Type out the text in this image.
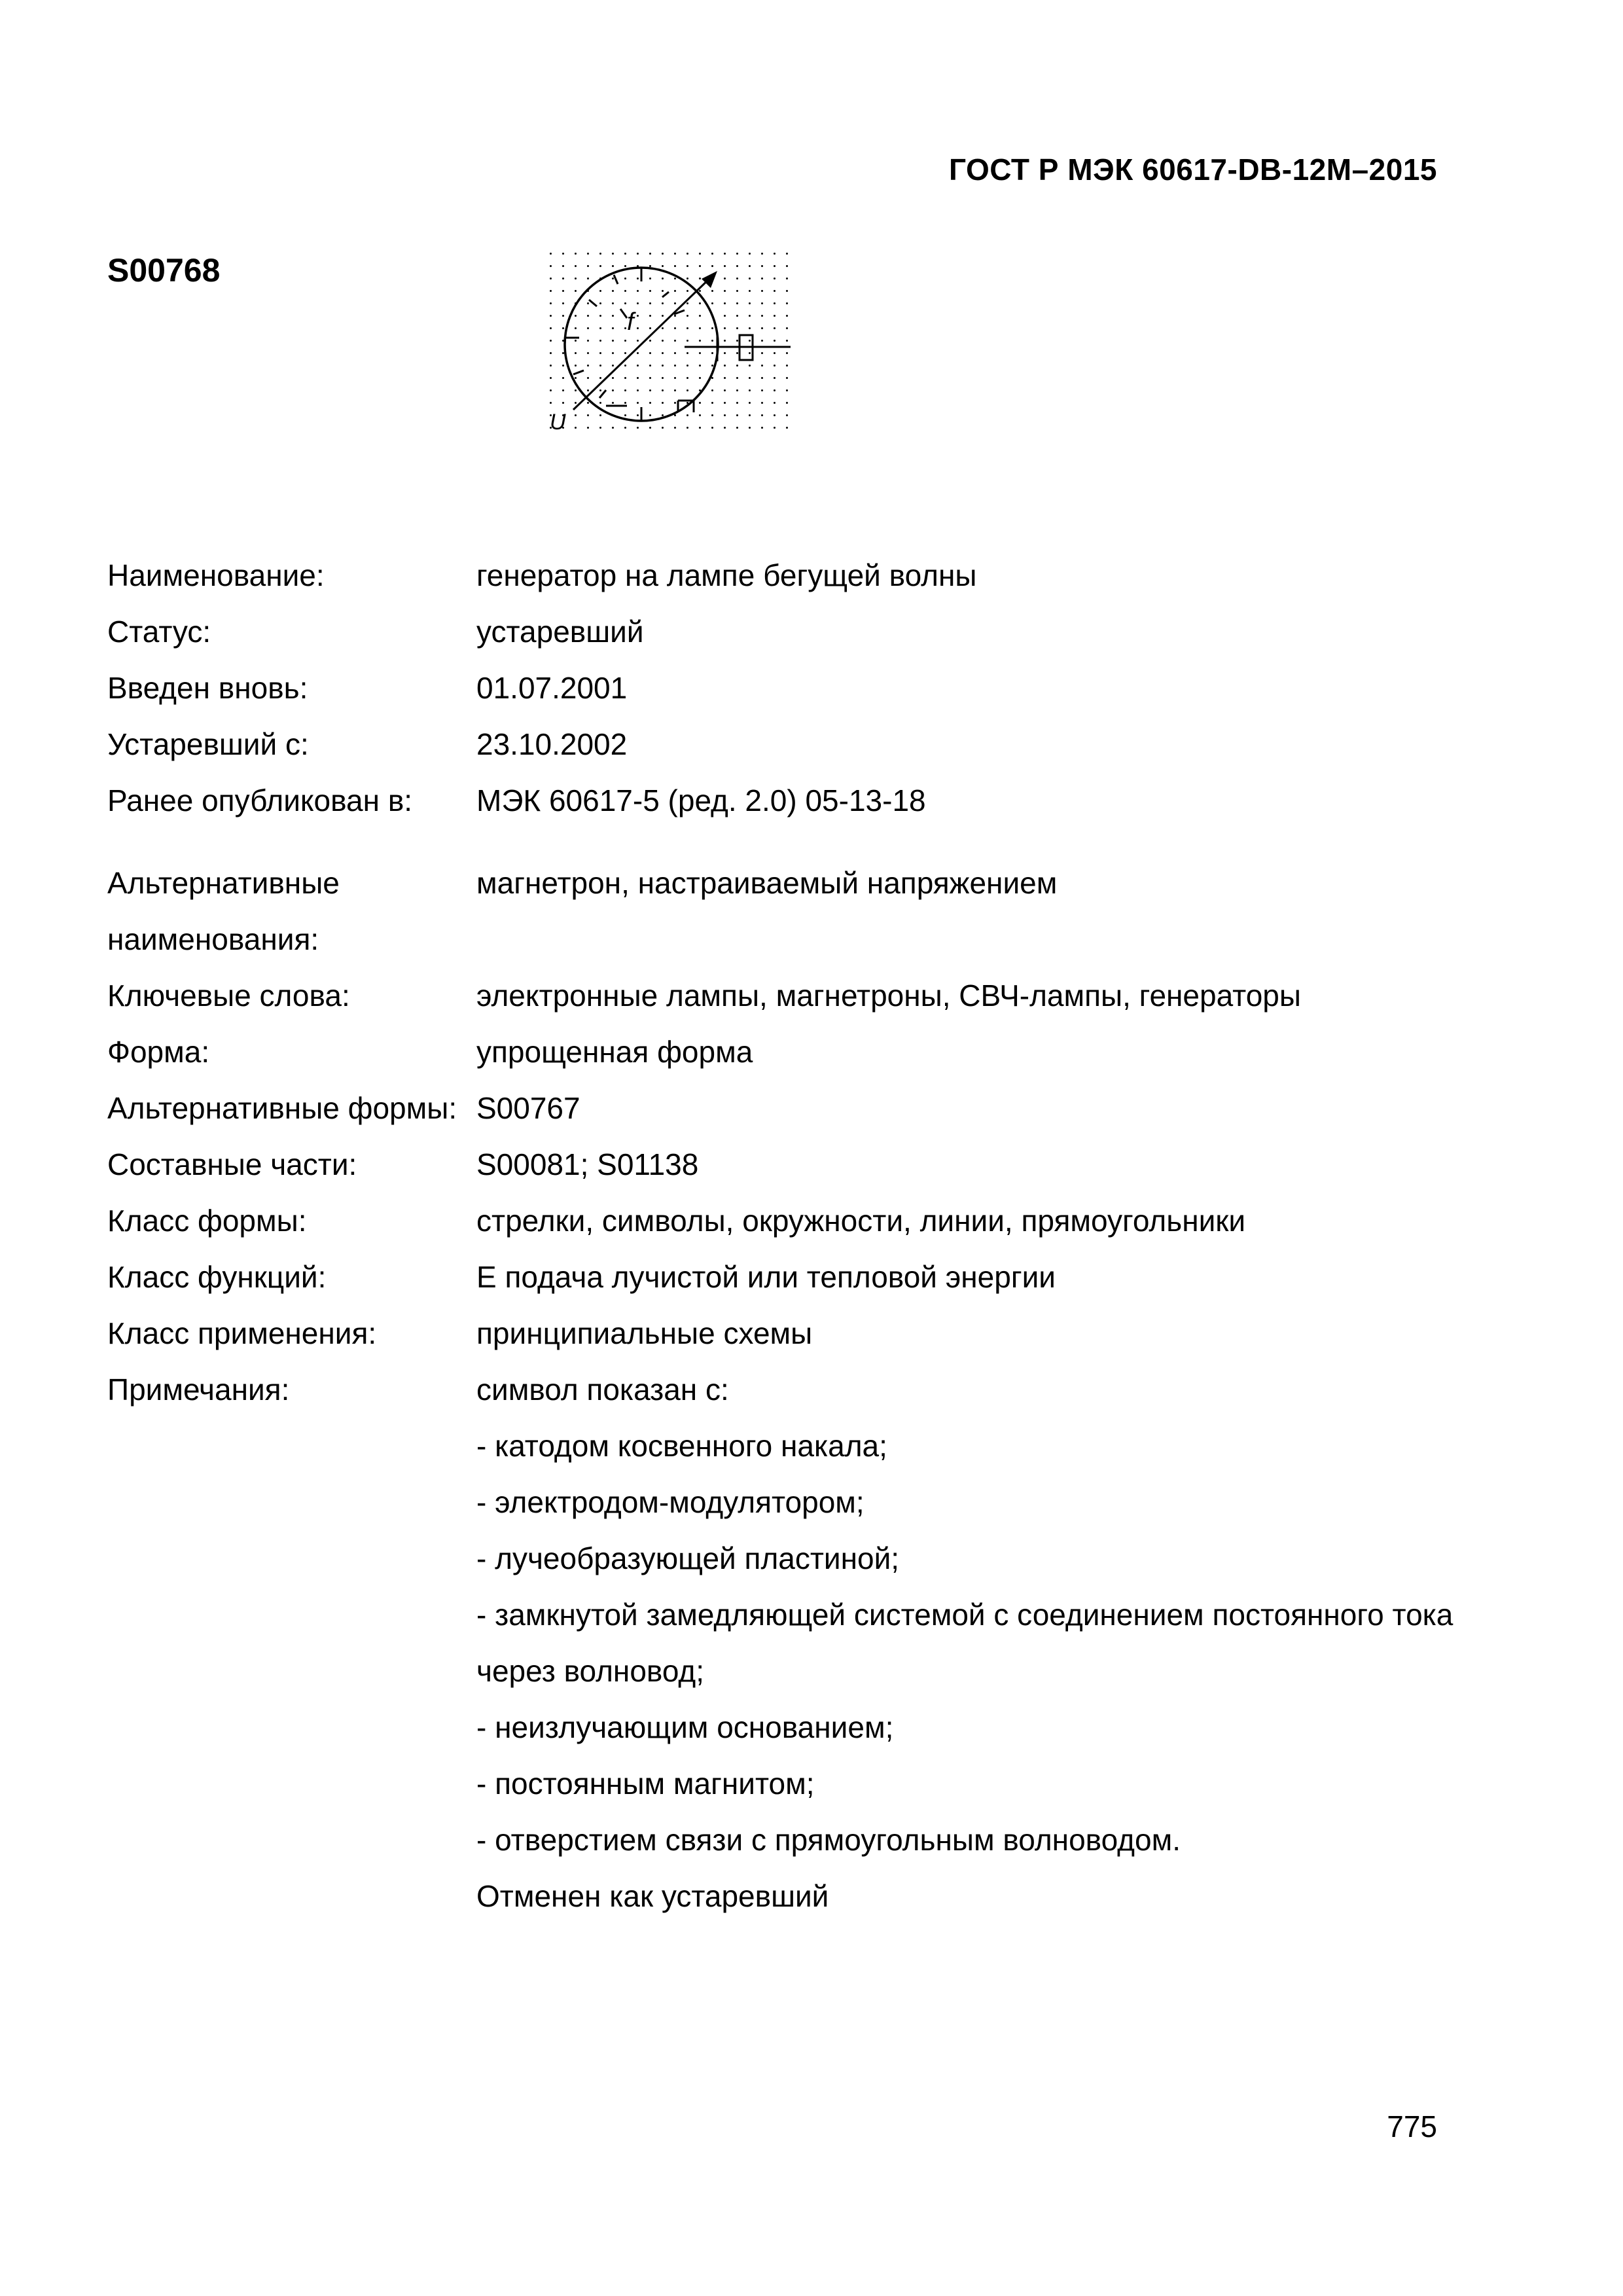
ГОСТ Р МЭК 60617-DB-12M–2015
S00768
f
U
Наименование:	генератор на лампе бегущей волны
Статус:	устаревший
Введен вновь:	01.07.2001
Устаревший с:	23.10.2002
Ранее опубликован в:	МЭК 60617-5 (ред. 2.0) 05-13-18
Альтернативные наименования:
магнетрон, настраиваемый напряжением
Ключевые слова:	электронные лампы, магнетроны, СВЧ-лампы, генераторы
Форма:	упрощенная форма
Альтернативные формы: S00767
Составные части:	S00081; S01138
Класс формы:	стрелки, символы, окружности, линии, прямоугольники
Класс функций:	Е подача лучистой или тепловой энергии
Класс применения:	принципиальные схемы
Примечания:	символ показан с:
- катодом косвенного накала;
- электродом-модулятором;
- лучеобразующей пластиной;
- замкнутой замедляющей системой с соединением постоянного тока через волновод;
- неизлучающим основанием;
- постоянным магнитом;
- отверстием связи с прямоугольным волноводом.
Отменен как устаревший
775
